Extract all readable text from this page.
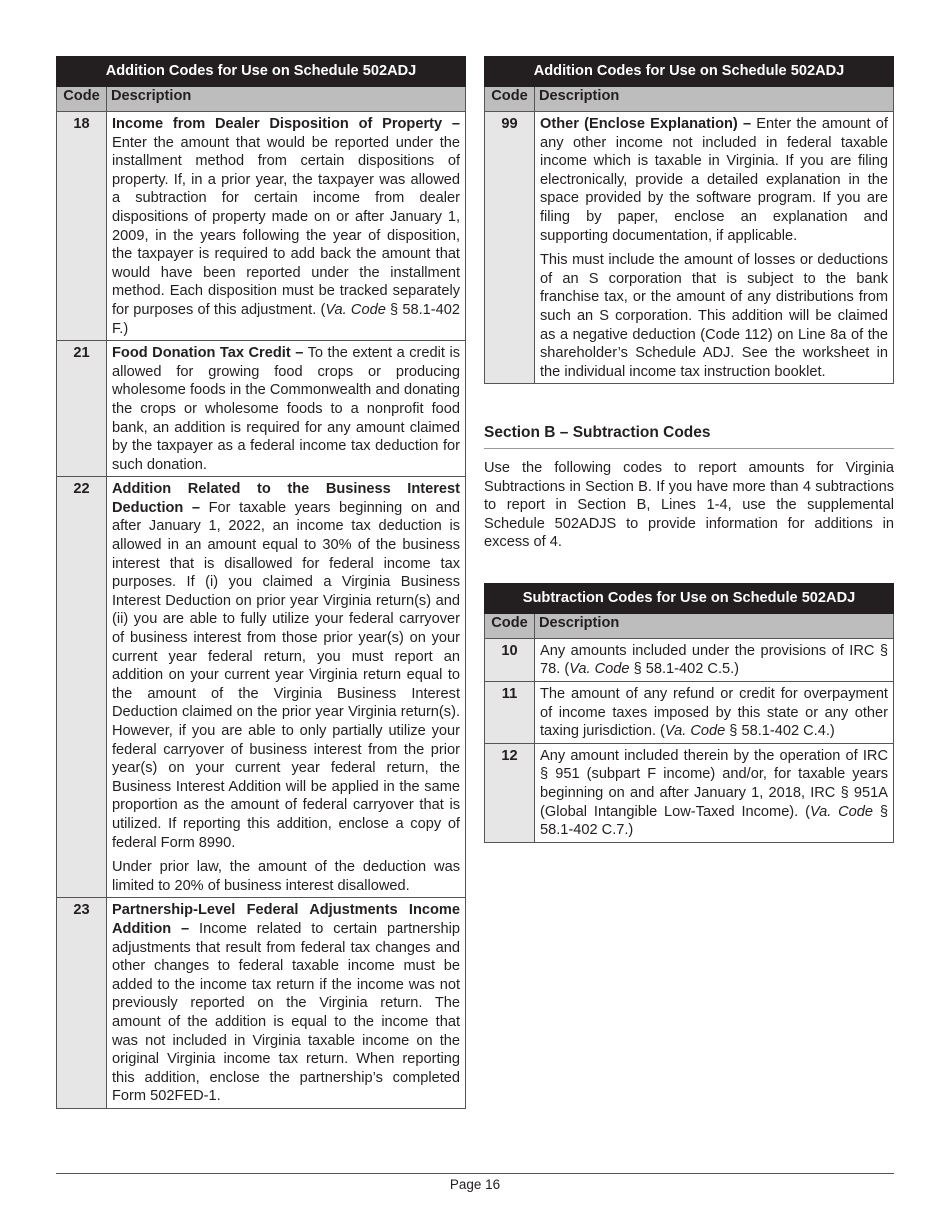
Addition Codes for Use on Schedule 502ADJ	
Code	Description
18	Income from Dealer Disposition of Property – Enter the amount that would be reported under the installment method from certain dispositions of property. If, in a prior year, the taxpayer was allowed a subtraction for certain income from dealer dispositions of property made on or after January 1, 2009, in the years following the year of disposition, the taxpayer is required to add back the amount that would have been reported under the installment method. Each disposition must be tracked separately for purposes of this adjustment. (Va. Code § 58.1-402 F.)

21	Food Donation Tax Credit – To the extent a credit is allowed for growing food crops or producing wholesome foods in the Commonwealth and donating the crops or wholesome foods to a nonprofit food bank, an addition is required for any amount claimed by the taxpayer as a federal income tax deduction for such donation.

22	Addition Related to the Business Interest Deduction – For taxable years beginning on and after January 1, 2022, an income tax deduction is allowed in an amount equal to 30% of the business interest that is disallowed for federal income tax purposes. If (i) you claimed a Virginia Business Interest Deduction on prior year Virginia return(s) and (ii) you are able to fully utilize your federal carryover of business interest from those prior year(s) on your current year federal return, you must report an addition on your current year Virginia return equal to the amount of the Virginia Business Interest Deduction claimed on the prior year Virginia return(s). However, if you are able to only partially utilize your federal carryover of business interest from the prior year(s) on your current year federal return, the Business Interest Addition will be applied in the same proportion as the amount of federal carryover that is utilized. If reporting this addition, enclose a copy of federal Form 8990.

Under prior law, the amount of the deduction was limited to 20% of business interest disallowed.

23	Partnership-Level Federal Adjustments Income Addition – Income related to certain partnership adjustments that result from federal tax changes and other changes to federal taxable income must be added to the income tax return if the income was not previously reported on the Virginia return. The amount of the addition is equal to the income that was not included in Virginia taxable income on the original Virginia income tax return. When reporting this addition, enclose the partnership’s completed Form 502FED-1.

Addition Codes for Use on Schedule 502ADJ	
Code	Description
99	Other (Enclose Explanation) – Enter the amount of any other income not included in federal taxable income which is taxable in Virginia. If you are filing electronically, provide a detailed explanation in the space provided by the software program. If you are filing by paper, enclose an explanation and supporting documentation, if applicable.

This must include the amount of losses or deductions of an S corporation that is subject to the bank franchise tax, or the amount of any distributions from such an S corporation. This addition will be claimed as a negative deduction (Code 112) on Line 8a of the shareholder’s Schedule ADJ. See the worksheet in the individual income tax instruction booklet.

Section B – Subtraction Codes

Use the following codes to report amounts for Virginia Subtractions in Section B. If you have more than 4 subtractions to report in Section B, Lines 1-4, use the supplemental Schedule 502ADJS to provide information for additions in excess of 4.

Subtraction Codes for Use on Schedule 502ADJ	
Code	Description
10	Any amounts included under the provisions of IRC § 78. (Va. Code § 58.1-402 C.5.)

11	The amount of any refund or credit for overpayment of income taxes imposed by this state or any other taxing jurisdiction. (Va. Code § 58.1-402 C.4.)

12	Any amount included therein by the operation of IRC § 951 (subpart F income) and/or, for taxable years beginning on and after January 1, 2018, IRC § 951A (Global Intangible Low-Taxed Income). (Va. Code § 58.1-402 C.7.)

Page 16
